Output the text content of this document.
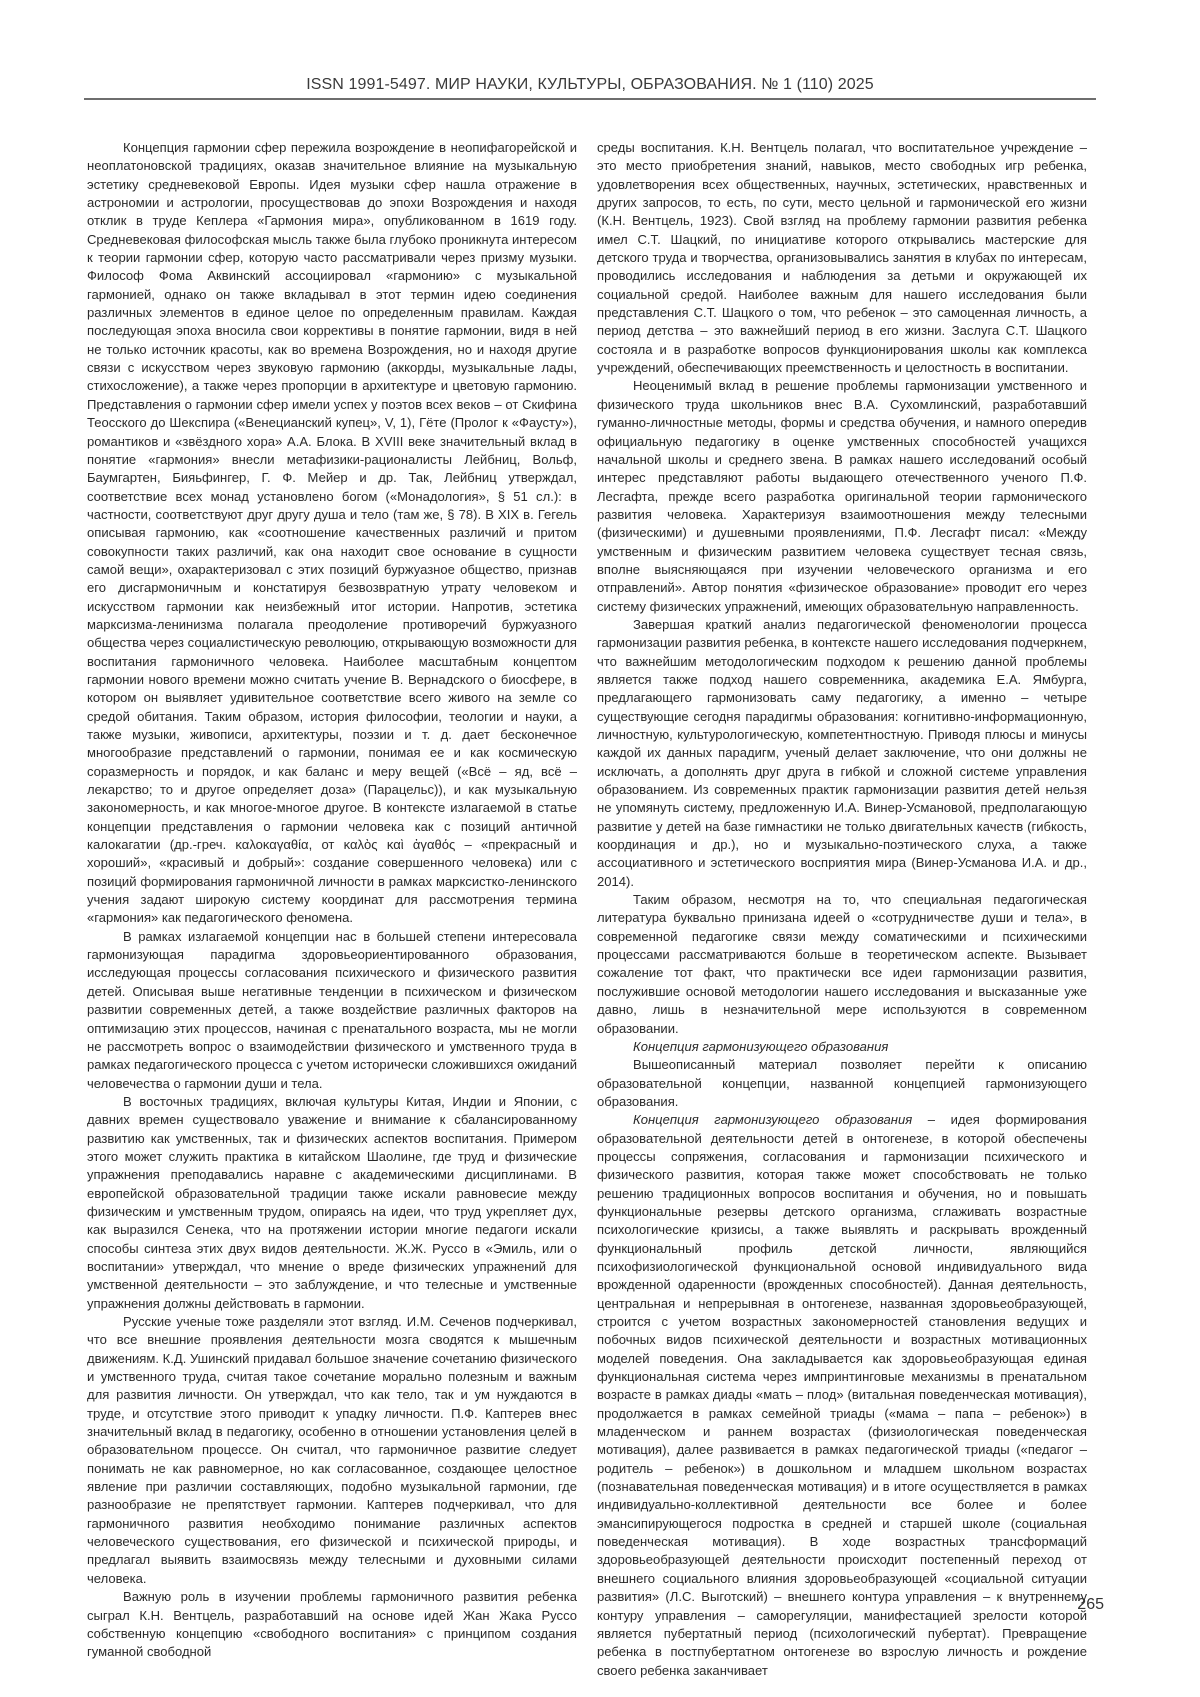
ISSN 1991-5497. МИР НАУКИ, КУЛЬТУРЫ, ОБРАЗОВАНИЯ. № 1 (110) 2025

Концепция гармонии сфер пережила возрождение в неопифагорейской и неоплатоновской традициях, оказав значительное влияние на музыкальную эстетику средневековой Европы. Идея музыки сфер нашла отражение в астрономии и астрологии, просуществовав до эпохи Возрождения и находя отклик в труде Кеплера «Гармония мира», опубликованном в 1619 году. Средневековая философская мысль также была глубоко проникнута интересом к теории гармонии сфер, которую часто рассматривали через призму музыки. Философ Фома Аквинский ассоциировал «гармонию» с музыкальной гармонией, однако он также вкладывал в этот термин идею соединения различных элементов в единое целое по определенным правилам. Каждая последующая эпоха вносила свои коррективы в понятие гармонии, видя в ней не только источник красоты, как во времена Возрождения, но и находя другие связи с искусством через звуковую гармонию (аккорды, музыкальные лады, стихосложение), а также через пропорции в архитектуре и цветовую гармонию. Представления о гармонии сфер имели успех у поэтов всех веков – от Скифина Теосского до Шекспира («Венецианский купец», V, 1), Гёте (Пролог к «Фаусту»), романтиков и «звёздного хора» А.А. Блока. В XVIII веке значительный вклад в понятие «гармония» внесли метафизики-рационалисты Лейбниц, Вольф, Баумгартен, Бияьфингер, Г. Ф. Мейер и др. Так, Лейбниц утверждал, соответствие всех монад установлено богом («Монадология», § 51 сл.): в частности, соответствуют друг другу душа и тело (там же, § 78). В XIX в. Гегель описывая гармонию, как «соотношение качественных различий и притом совокупности таких различий, как она находит свое основание в сущности самой вещи», охарактеризовал с этих позиций буржуазное общество, признав его дисгармоничным и констатируя безвозвратную утрату человеком и искусством гармонии как неизбежный итог истории. Напротив, эстетика марксизма-ленинизма полагала преодоление противоречий буржуазного общества через социалистическую революцию, открывающую возможности для воспитания гармоничного человека. Наиболее масштабным концептом гармонии нового времени можно считать учение В. Вернадского о биосфере, в котором он выявляет удивительное соответствие всего живого на земле со средой обитания. Таким образом, история философии, теологии и науки, а также музыки, живописи, архитектуры, поэзии и т. д. дает бесконечное многообразие представлений о гармонии, понимая ее и как космическую соразмерность и порядок, и как баланс и меру вещей («Всё – яд, всё – лекарство; то и другое определяет доза» (Парацельс)), и как музыкальную закономерность, и как многое-многое другое. В контексте излагаемой в статье концепции представления о гармонии человека как с позиций античной калокагатии (др.-греч. καλοκαγαθία, от καλὸς καὶ ἀγαθός – «прекрасный и хороший», «красивый и добрый»: создание совершенного человека) или с позиций формирования гармоничной личности в рамках марксистко-ленинского учения задают широкую систему координат для рассмотрения термина «гармония» как педагогического феномена.

В рамках излагаемой концепции нас в большей степени интересовала гармонизующая парадигма здоровьеориентированного образования, исследующая процессы согласования психического и физического развития детей. Описывая выше негативные тенденции в психическом и физическом развитии современных детей, а также воздействие различных факторов на оптимизацию этих процессов, начиная с пренатального возраста, мы не могли не рассмотреть вопрос о взаимодействии физического и умственного труда в рамках педагогического процесса с учетом исторически сложившихся ожиданий человечества о гармонии души и тела.

В восточных традициях, включая культуры Китая, Индии и Японии, с давних времен существовало уважение и внимание к сбалансированному развитию как умственных, так и физических аспектов воспитания. Примером этого может служить практика в китайском Шаолине, где труд и физические упражнения преподавались наравне с академическими дисциплинами. В европейской образовательной традиции также искали равновесие между физическим и умственным трудом, опираясь на идеи, что труд укрепляет дух, как выразился Сенека, что на протяжении истории многие педагоги искали способы синтеза этих двух видов деятельности. Ж.Ж. Руссо в «Эмиль, или о воспитании» утверждал, что мнение о вреде физических упражнений для умственной деятельности – это заблуждение, и что телесные и умственные упражнения должны действовать в гармонии.

Русские ученые тоже разделяли этот взгляд. И.М. Сеченов подчеркивал, что все внешние проявления деятельности мозга сводятся к мышечным движениям. К.Д. Ушинский придавал большое значение сочетанию физического и умственного труда, считая такое сочетание морально полезным и важным для развития личности. Он утверждал, что как тело, так и ум нуждаются в труде, и отсутствие этого приводит к упадку личности. П.Ф. Каптерев внес значительный вклад в педагогику, особенно в отношении установления целей в образовательном процессе. Он считал, что гармоничное развитие следует понимать не как равномерное, но как согласованное, создающее целостное явление при различии составляющих, подобно музыкальной гармонии, где разнообразие не препятствует гармонии. Каптерев подчеркивал, что для гармоничного развития необходимо понимание различных аспектов человеческого существования, его физической и психической природы, и предлагал выявить взаимосвязь между телесными и духовными силами человека.

Важную роль в изучении проблемы гармоничного развития ребенка сыграл К.Н. Вентцель, разработавший на основе идей Жан Жака Руссо собственную концепцию «свободного воспитания» с принципом создания гуманной свободной

среды воспитания. К.Н. Вентцель полагал, что воспитательное учреждение – это место приобретения знаний, навыков, место свободных игр ребенка, удовлетворения всех общественных, научных, эстетических, нравственных и других запросов, то есть, по сути, место цельной и гармонической его жизни (К.Н. Вентцель, 1923). Свой взгляд на проблему гармонии развития ребенка имел С.Т. Шацкий, по инициативе которого открывались мастерские для детского труда и творчества, организовывались занятия в клубах по интересам, проводились исследования и наблюдения за детьми и окружающей их социальной средой. Наиболее важным для нашего исследования были представления С.Т. Шацкого о том, что ребенок – это самоценная личность, а период детства – это важнейший период в его жизни. Заслуга С.Т. Шацкого состояла и в разработке вопросов функционирования школы как комплекса учреждений, обеспечивающих преемственность и целостность в воспитании.

Неоценимый вклад в решение проблемы гармонизации умственного и физического труда школьников внес В.А. Сухомлинский, разработавший гуманно-личностные методы, формы и средства обучения, и намного опередив официальную педагогику в оценке умственных способностей учащихся начальной школы и среднего звена. В рамках нашего исследований особый интерес представляют работы выдающего отечественного ученого П.Ф. Лесгафта, прежде всего разработка оригинальной теории гармонического развития человека. Характеризуя взаимоотношения между телесными (физическими) и душевными проявлениями, П.Ф. Лесгафт писал: «Между умственным и физическим развитием человека существует тесная связь, вполне выясняющаяся при изучении человеческого организма и его отправлений». Автор понятия «физическое образование» проводит его через систему физических упражнений, имеющих образовательную направленность.

Завершая краткий анализ педагогической феноменологии процесса гармонизации развития ребенка, в контексте нашего исследования подчеркнем, что важнейшим методологическим подходом к решению данной проблемы является также подход нашего современника, академика Е.А. Ямбурга, предлагающего гармонизовать саму педагогику, а именно – четыре существующие сегодня парадигмы образования: когнитивно-информационную, личностную, культурологическую, компетентностную. Приводя плюсы и минусы каждой их данных парадигм, ученый делает заключение, что они должны не исключать, а дополнять друг друга в гибкой и сложной системе управления образованием. Из современных практик гармонизации развития детей нельзя не упомянуть систему, предложенную И.А. Винер-Усмановой, предполагающую развитие у детей на базе гимнастики не только двигательных качеств (гибкость, координация и др.), но и музыкально-поэтического слуха, а также ассоциативного и эстетического восприятия мира (Винер-Усманова И.А. и др., 2014).

Таким образом, несмотря на то, что специальная педагогическая литература буквально принизана идеей о «сотрудничестве души и тела», в современной педагогике связи между соматическими и психическими процессами рассматриваются больше в теоретическом аспекте. Вызывает сожаление тот факт, что практически все идеи гармонизации развития, послужившие основой методологии нашего исследования и высказанные уже давно, лишь в незначительной мере используются в современном образовании.

Концепция гармонизующего образования

Вышеописанный материал позволяет перейти к описанию образовательной концепции, названной концепцией гармонизующего образования.

Концепция гармонизующего образования – идея формирования образовательной деятельности детей в онтогенезе, в которой обеспечены процессы сопряжения, согласования и гармонизации психического и физического развития, которая также может способствовать не только решению традиционных вопросов воспитания и обучения, но и повышать функциональные резервы детского организма, сглаживать возрастные психологические кризисы, а также выявлять и раскрывать врожденный функциональный профиль детской личности, являющийся психофизиологической функциональной основой индивидуального вида врожденной одаренности (врожденных способностей). Данная деятельность, центральная и непрерывная в онтогенезе, названная здоровьеобразующей, строится с учетом возрастных закономерностей становления ведущих и побочных видов психической деятельности и возрастных мотивационных моделей поведения. Она закладывается как здоровьеобразующая единая функциональная система через импринтинговые механизмы в пренатальном возрасте в рамках диады «мать – плод» (витальная поведенческая мотивация), продолжается в рамках семейной триады («мама – папа – ребенок») в младенческом и раннем возрастах (физиологическая поведенческая мотивация), далее развивается в рамках педагогической триады («педагог – родитель – ребенок») в дошкольном и младшем школьном возрастах (познавательная поведенческая мотивация) и в итоге осуществляется в рамках индивидуально-коллективной деятельности все более и более эмансипирующегося подростка в средней и старшей школе (социальная поведенческая мотивация). В ходе возрастных трансформаций здоровьеобразующей деятельности происходит постепенный переход от внешнего социального влияния здоровьеобразующей «социальной ситуации развития» (Л.С. Выготский) – внешнего контура управления – к внутреннему контуру управления – саморегуляции, манифестацией зрелости которой является пубертатный период (психологический пубертат). Превращение ребенка в постпубертатном онтогенезе во взрослую личность и рождение своего ребенка заканчивает

265
